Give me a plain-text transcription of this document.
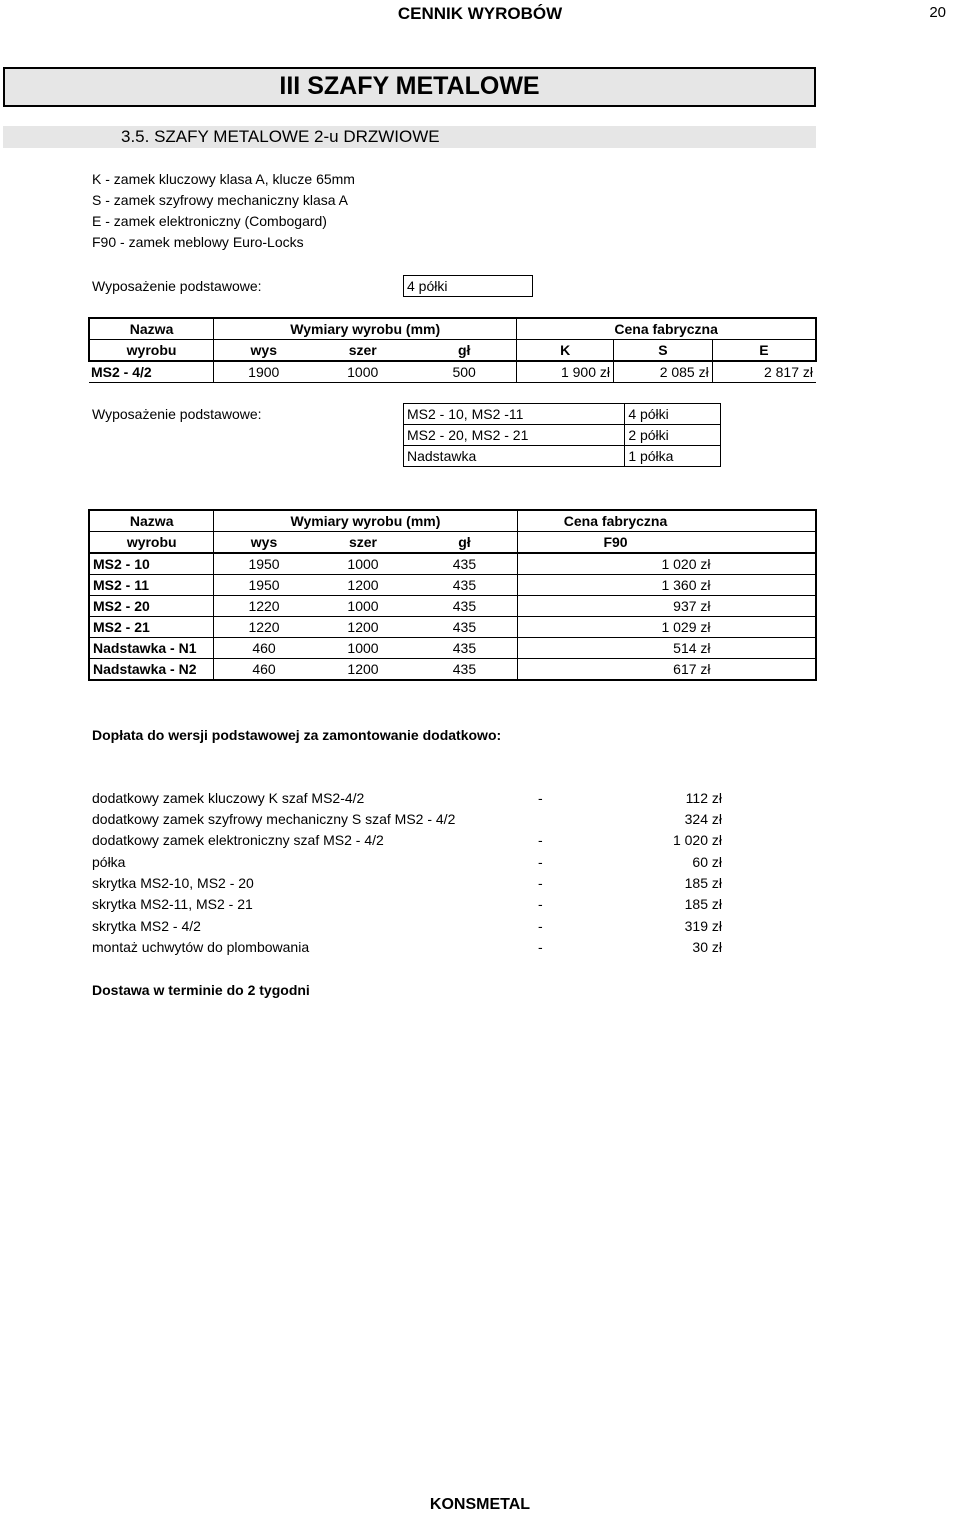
CENNIK WYROBÓW	20
III SZAFY METALOWE
3.5. SZAFY METALOWE 2-u DRZWIOWE
K - zamek kluczowy klasa A, klucze 65mm
S - zamek szyfrowy mechaniczny klasa A
E - zamek elektroniczny (Combogard)
F90 - zamek meblowy Euro-Locks
Wyposażenie podstawowe:	4 półki
Nazwa	Wymiary wyrobu (mm)			Cena fabryczna		
wyrobu	wys	szer	gł	K	S	E
MS2 - 4/2	1900	1000	500	1 900 zł	2 085 zł	2 817 zł
Wyposażenie podstawowe:	MS2 - 10, MS2 -11	4 półki
MS2 - 20, MS2 - 21	2 półki
Nadstawka	1 półka
Nazwa	Wymiary wyrobu (mm)			Cena fabryczna	
wyrobu	wys	szer	gł	F90	
MS2 - 10	1950	1000	435	1 020 zł	
MS2 - 11	1950	1200	435	1 360 zł	
MS2 - 20	1220	1000	435	937 zł	
MS2 - 21	1220	1200	435	1 029 zł	
Nadstawka - N1	460	1000	435	514 zł	
Nadstawka - N2	460	1200	435	617 zł	
Dopłata do wersji podstawowej za zamontowanie dodatkowo:
dodatkowy zamek kluczowy K szaf MS2-4/2	-	112 zł
dodatkowy zamek szyfrowy mechaniczny S szaf MS2 - 4/2	324 zł
dodatkowy zamek elektroniczny szaf MS2 - 4/2	-	1 020 zł
półka	-	60 zł
skrytka MS2-10, MS2 - 20	-	185 zł
skrytka MS2-11, MS2 - 21	-	185 zł
skrytka MS2 - 4/2	-	319 zł
montaż uchwytów do plombowania	-	30 zł
Dostawa w terminie do 2 tygodni
KONSMETAL
